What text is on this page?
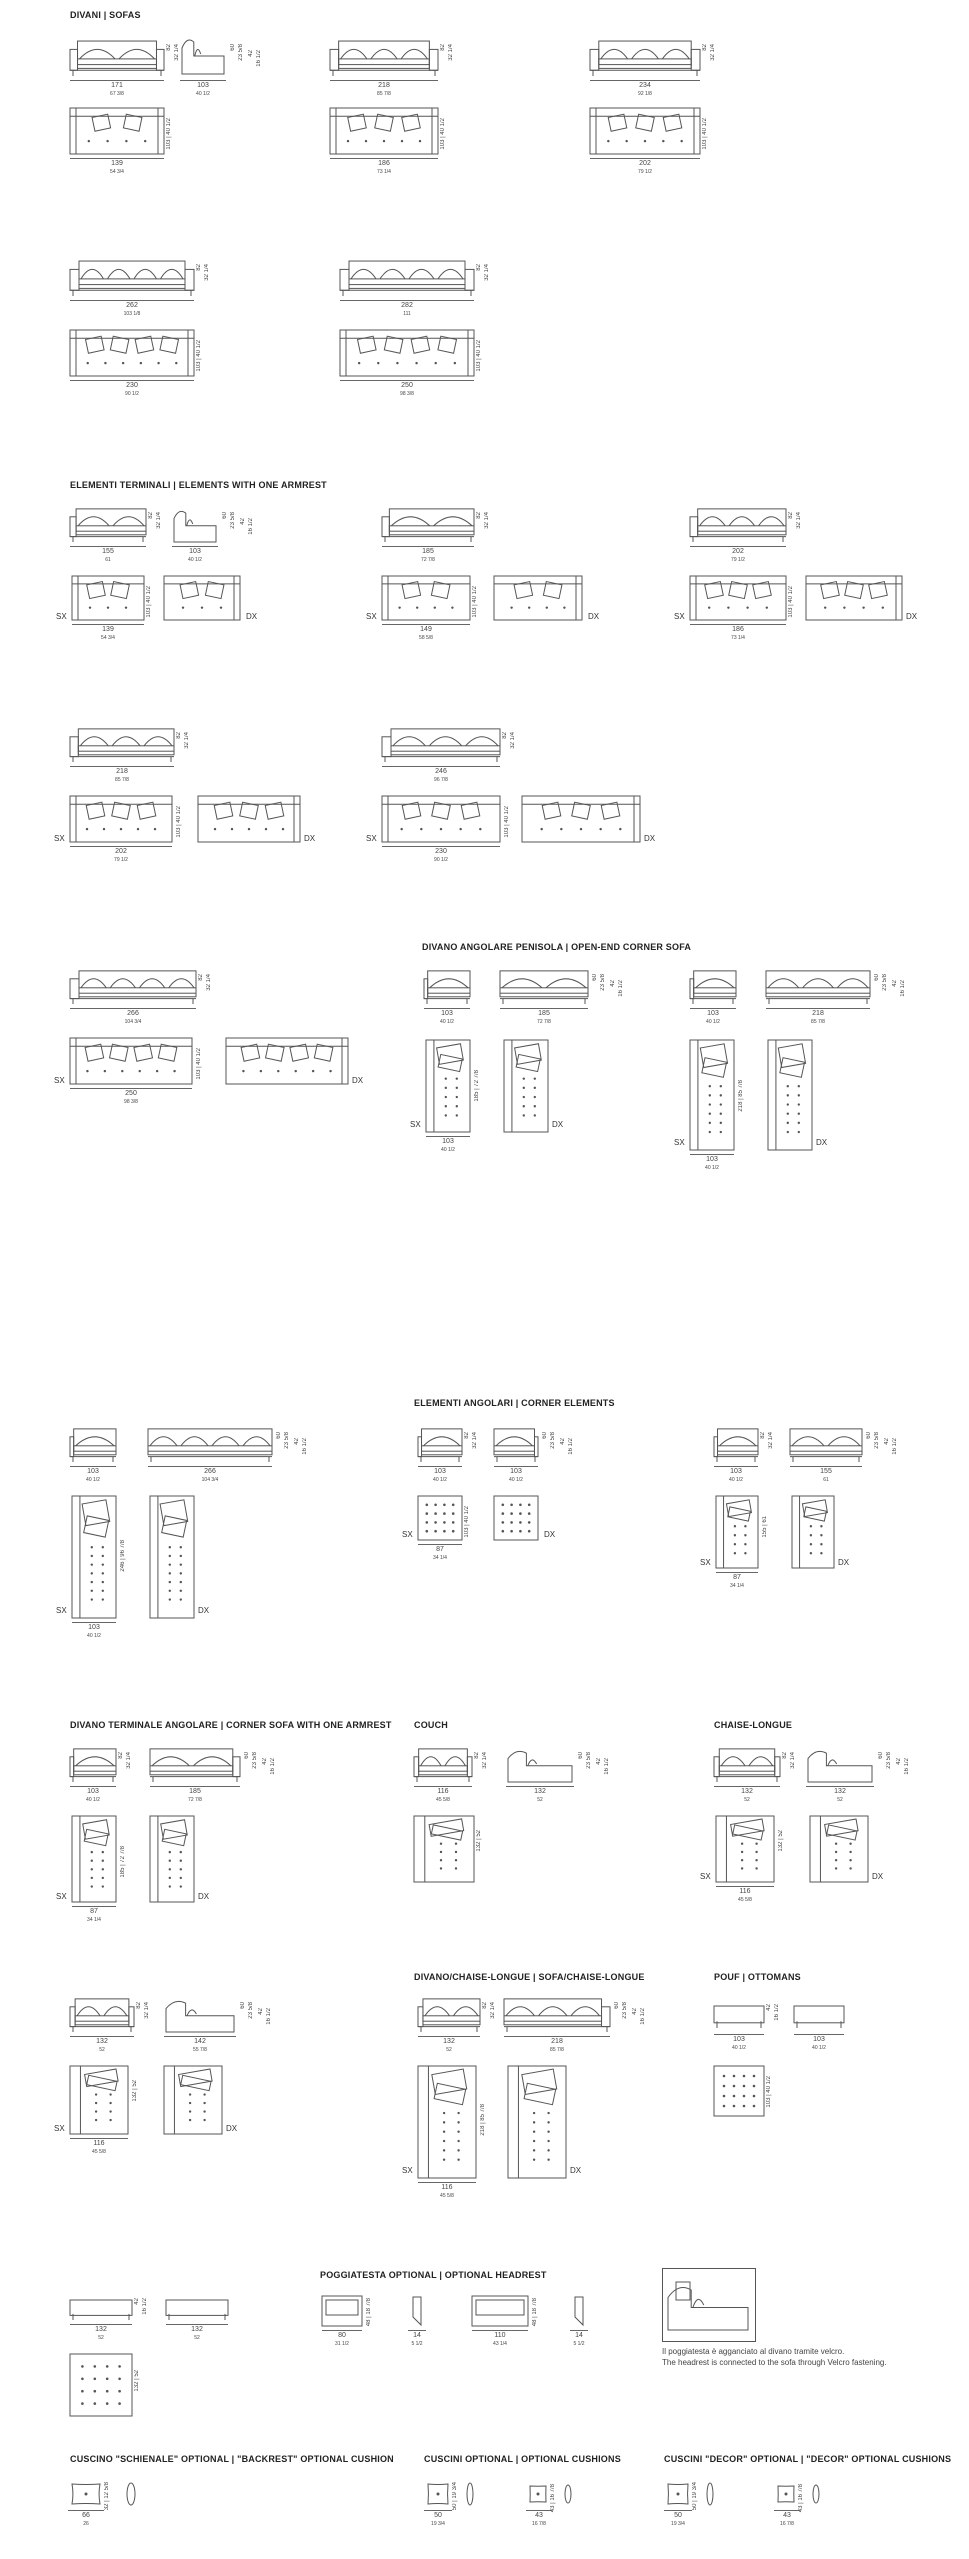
DIVANI | SOFAS
82 32 1/4
171
67 3/8
60 23 5/8 42 16 1/2
103
40 1/2
82 32 1/4
218
85 7/8
82 32 1/4
234
92 1/8
103 | 40 1/2
139
54 3/4
103 | 40 1/2
186
73 1/4
103 | 40 1/2
202
79 1/2
82 32 1/4
262
103 1/8
82 32 1/4
282
111
103 | 40 1/2
230
90 1/2
103 | 40 1/2
250
98 3/8
ELEMENTI TERMINALI | ELEMENTS WITH ONE ARMREST
82 32 1/4
155
61
60 23 5/8 42 16 1/2
103
40 1/2
103 | 40 1/2
SX	DX
139
54 3/4
82 32 1/4
185
72 7/8
103 | 40 1/2
SX	DX
149
58 5/8
82 32 1/4
202
79 1/2
103 | 40 1/2
SX	DX
186
73 1/4
82 32 1/4
218
85 7/8
82 32 1/4
246
96 7/8
103 | 40 1/2
SX	DX
202
79 1/2
103 | 40 1/2
SX	DX
230
90 1/2
DIVANO ANGOLARE PENISOLA | OPEN-END CORNER SOFA
82 32 1/4
266
104 3/4
103 | 40 1/2
SX	DX
250
98 3/8
103
40 1/2
60 23 5/8 42 16 1/2
185
72 7/8
185 | 72 7/8
SX	DX
103
40 1/2
103
40 1/2
60 23 5/8 42 16 1/2
218
85 7/8
218 | 85 7/8
SX	DX
103
40 1/2
103
40 1/2
60 23 5/8 42 16 1/2
266
104 3/4
246 | 96 7/8
SX	DX
103
40 1/2
ELEMENTI ANGOLARI | CORNER ELEMENTS
82 32 1/4
103
40 1/2
60 23 5/8 42 16 1/2
103
40 1/2
103 | 40 1/2
SX	DX
87
34 1/4
82 32 1/4
103
40 1/2
60 23 5/8 42 16 1/2
155
61
155 | 61
SX	DX
87
34 1/4
DIVANO TERMINALE ANGOLARE | CORNER SOFA WITH ONE ARMREST
82 32 1/4
103
40 1/2
60 23 5/8 42 16 1/2
185
72 7/8
185 | 72 7/8
SX	DX
87
34 1/4
COUCH
82 32 1/4
116
45 5/8
60 23 5/8 42 16 1/2
132
52
132 | 52
CHAISE-LONGUE
82 32 1/4
132
52
60 23 5/8 42 16 1/2
132
52
132 | 52
SX	DX
116
45 5/8
82 32 1/4
132
52
60 23 5/8 42 16 1/2
142
55 7/8
132 | 52
SX	DX
116
45 5/8
DIVANO/CHAISE-LONGUE | SOFA/CHAISE-LONGUE
82 32 1/4
132
52
60 23 5/8 42 16 1/2
218
85 7/8
218 | 85 7/8
SX	DX
116
45 5/8
POUF | OTTOMANS
42 16 1/2
103
40 1/2
103
40 1/2
103 | 40 1/2
42 16 1/2
132
52
132
52
132 | 52
POGGIATESTA OPTIONAL | OPTIONAL HEADREST
48 | 18 7/8
80
31 1/2
14
5 1/2
48 | 18 7/8
110
43 1/4
14
5 1/2
Il poggiatesta è agganciato al divano tramite velcro.
The headrest is connected to the sofa through Velcro fastening.
CUSCINO "SCHIENALE" OPTIONAL | "BACKREST" OPTIONAL CUSHION
32 | 12 5/8
66
26
CUSCINI OPTIONAL | OPTIONAL CUSHIONS
50 | 19 3/4
50
19 3/4
43 | 16 7/8
43
16 7/8
CUSCINI "DECOR" OPTIONAL | "DECOR" OPTIONAL CUSHIONS
50 | 19 3/4
50
19 3/4
43 | 16 7/8
43
16 7/8
